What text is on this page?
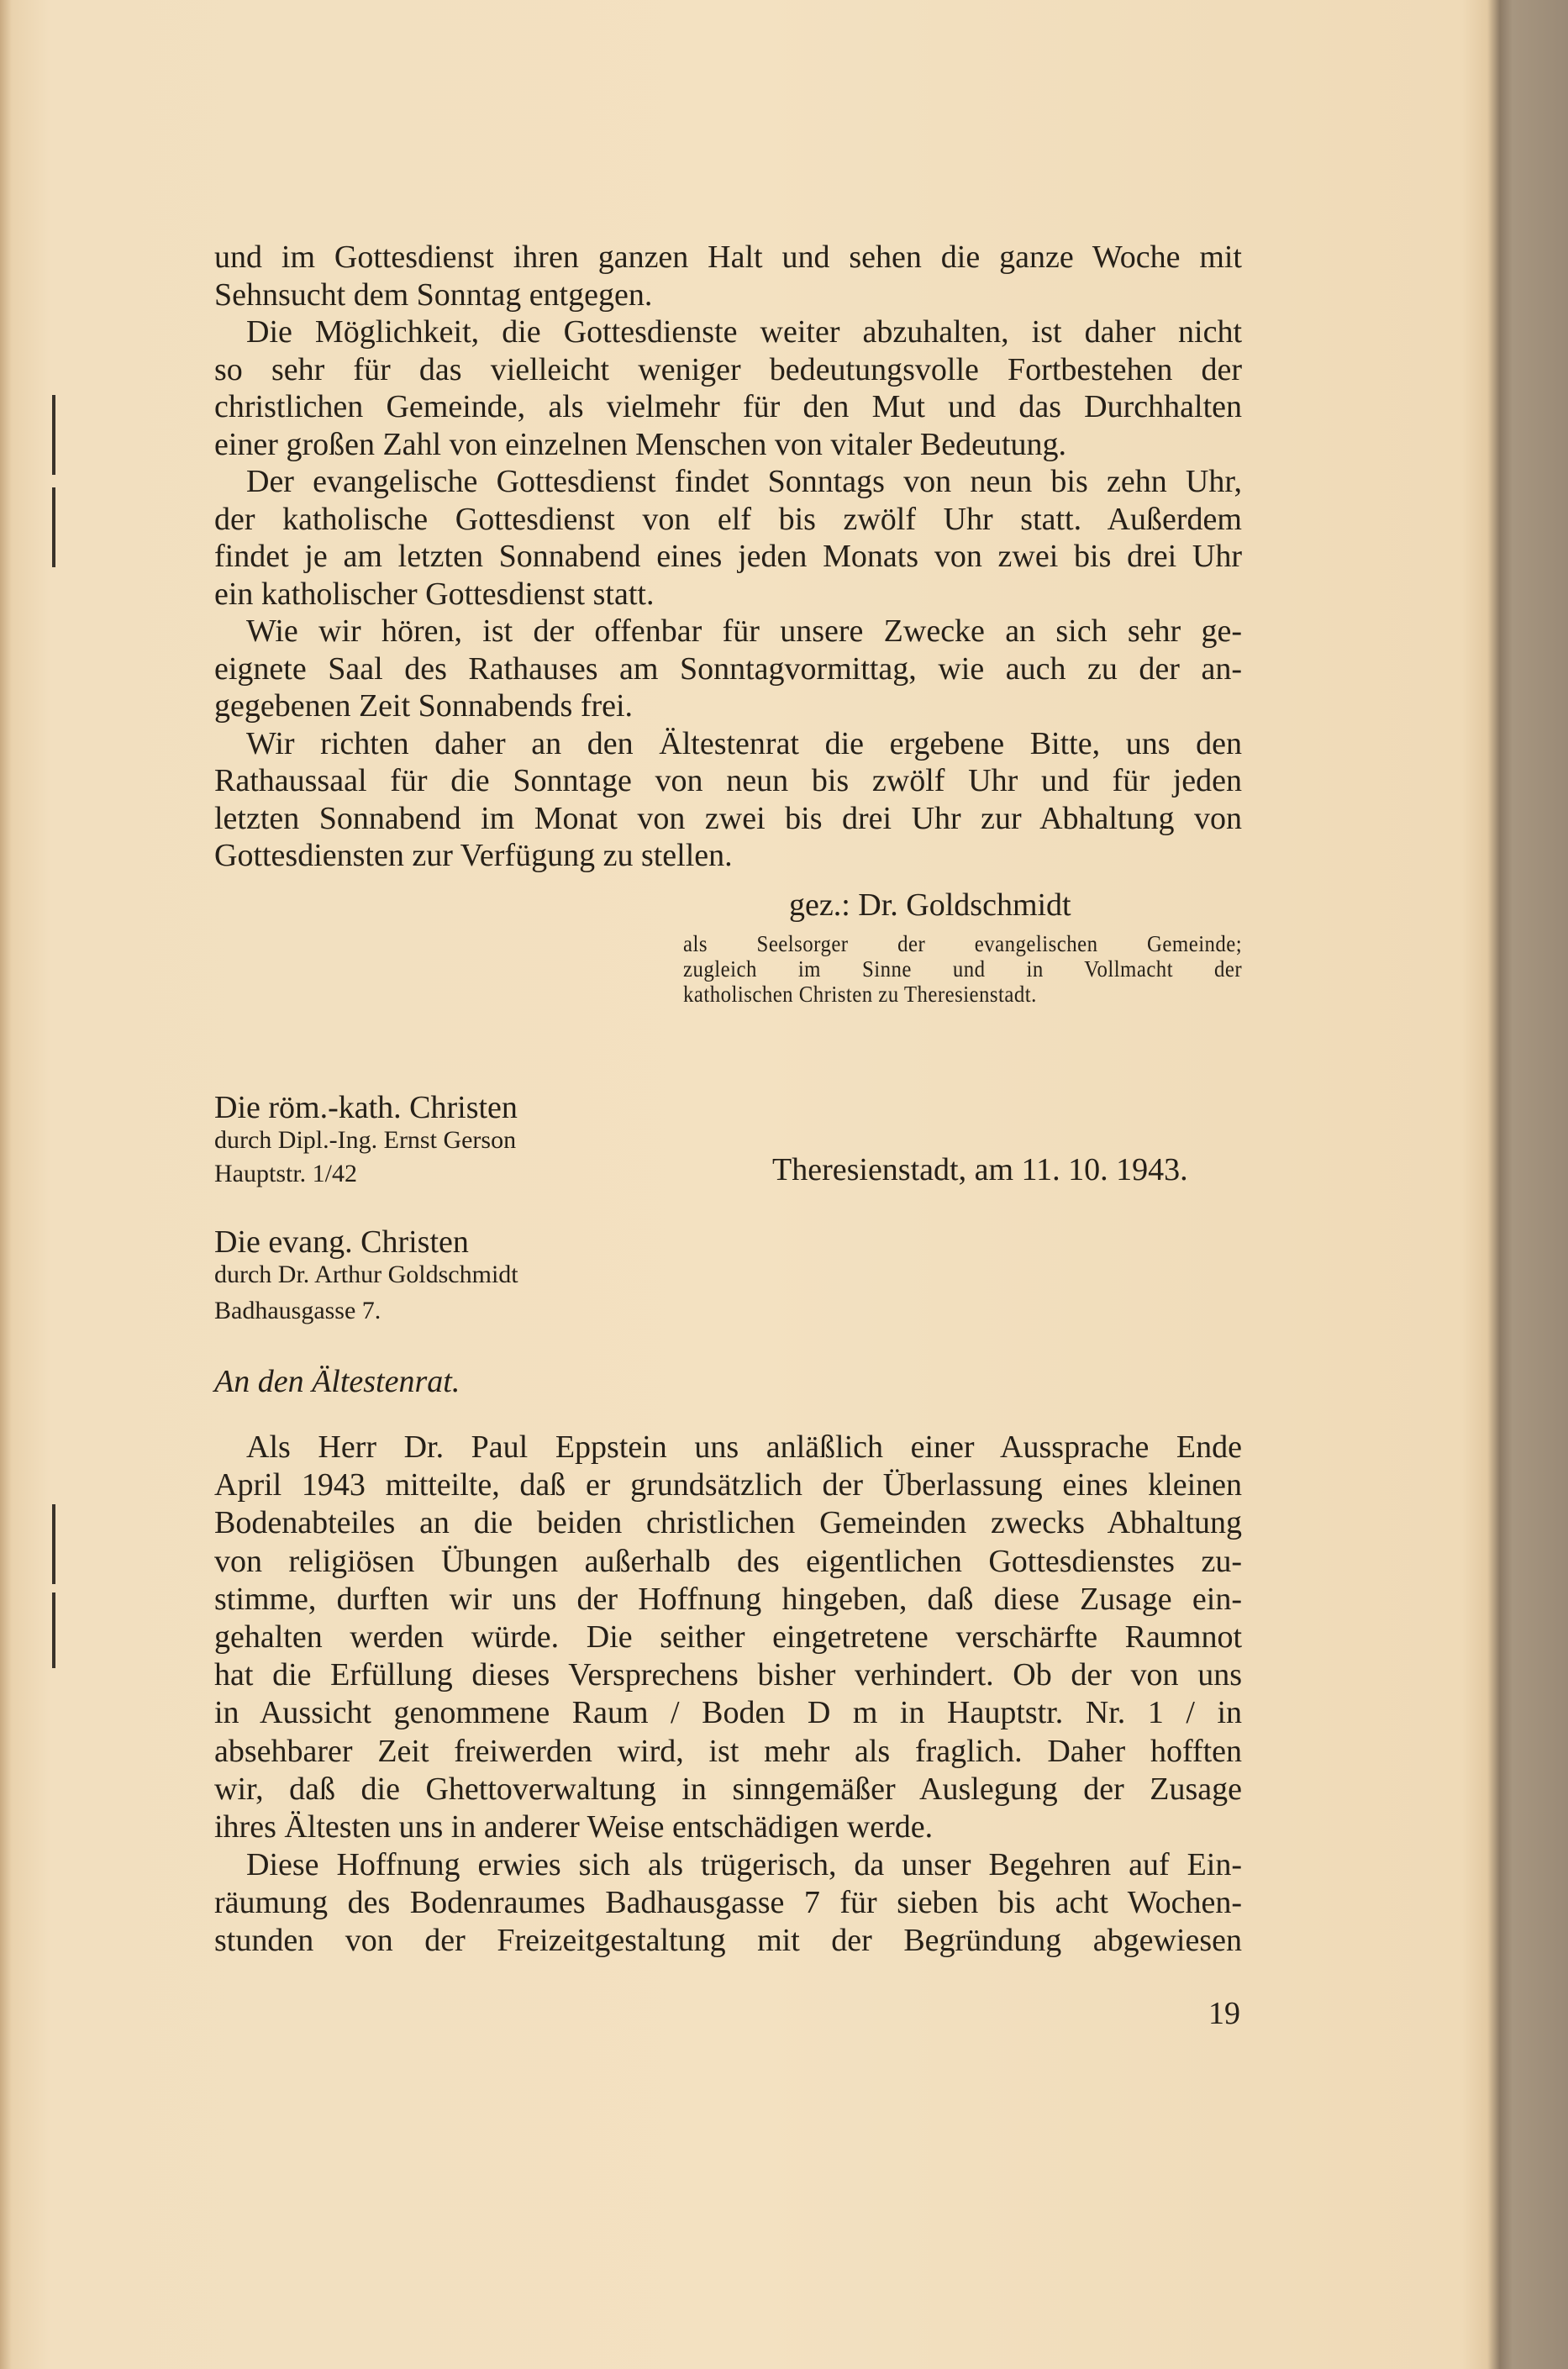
und im Gottesdienst ihren ganzen Halt und sehen die ganze Woche mit
Sehnsucht dem Sonntag entgegen.
Die Möglichkeit, die Gottesdienste weiter abzuhalten, ist daher nicht
so sehr für das vielleicht weniger bedeutungsvolle Fortbestehen der
christlichen Gemeinde, als vielmehr für den Mut und das Durchhalten
einer großen Zahl von einzelnen Menschen von vitaler Bedeutung.
Der evangelische Gottesdienst findet Sonntags von neun bis zehn Uhr,
der katholische Gottesdienst von elf bis zwölf Uhr statt. Außerdem
findet je am letzten Sonnabend eines jeden Monats von zwei bis drei Uhr
ein katholischer Gottesdienst statt.
Wie wir hören, ist der offenbar für unsere Zwecke an sich sehr ge-
eignete Saal des Rathauses am Sonntagvormittag, wie auch zu der an-
gegebenen Zeit Sonnabends frei.
Wir richten daher an den Ältestenrat die ergebene Bitte, uns den
Rathaussaal für die Sonntage von neun bis zwölf Uhr und für jeden
letzten Sonnabend im Monat von zwei bis drei Uhr zur Abhaltung von
Gottesdiensten zur Verfügung zu stellen.
gez.: Dr. Goldschmidt
als Seelsorger der evangelischen Gemeinde;
zugleich im Sinne und in Vollmacht der
katholischen Christen zu Theresienstadt.
Die röm.-kath. Christen
durch Dipl.-Ing. Ernst Gerson
Hauptstr. 1/42	Theresienstadt, am 11. 10. 1943.
Die evang. Christen
durch Dr. Arthur Goldschmidt
Badhausgasse 7.
An den Ältestenrat.
Als Herr Dr. Paul Eppstein uns anläßlich einer Aussprache Ende
April 1943 mitteilte, daß er grundsätzlich der Überlassung eines kleinen
Bodenabteiles an die beiden christlichen Gemeinden zwecks Abhaltung
von religiösen Übungen außerhalb des eigentlichen Gottesdienstes zu-
stimme, durften wir uns der Hoffnung hingeben, daß diese Zusage ein-
gehalten werden würde. Die seither eingetretene verschärfte Raumnot
hat die Erfüllung dieses Versprechens bisher verhindert. Ob der von uns
in Aussicht genommene Raum / Boden D m in Hauptstr. Nr. 1 / in
absehbarer Zeit freiwerden wird, ist mehr als fraglich. Daher hofften
wir, daß die Ghettoverwaltung in sinngemäßer Auslegung der Zusage
ihres Ältesten uns in anderer Weise entschädigen werde.
Diese Hoffnung erwies sich als trügerisch, da unser Begehren auf Ein-
räumung des Bodenraumes Badhausgasse 7 für sieben bis acht Wochen-
stunden von der Freizeitgestaltung mit der Begründung abgewiesen
19
